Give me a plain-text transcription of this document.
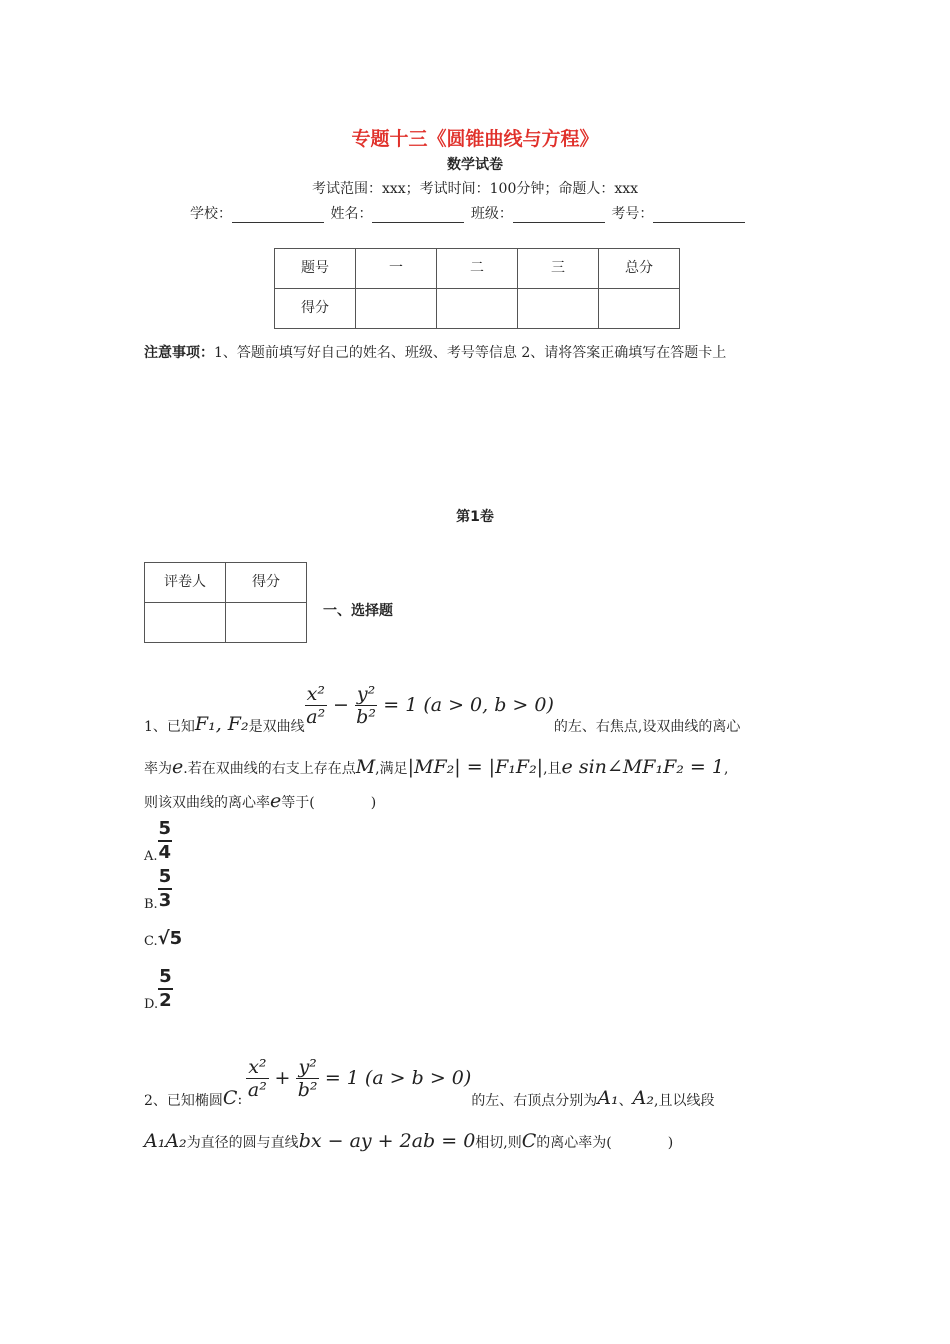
专题十三《圆锥曲线与方程》
数学试卷
考试范围：xxx；考试时间：100分钟；命题人：xxx
学校：	姓名：	班级：	考号：
题号	一	二	三	总分
得分				
注意事项：1、答题前填写好自己的姓名、班级、考号等信息 2、请将答案正确填写在答题卡上
第1卷
评卷人	得分

一、选择题
1、已知 F₁, F₂ 是双曲线 $\frac{\text{x²}}{\text{a²}} - \frac{\text{y²}}{\text{b²}} = 1$ (a > 0, b > 0)
的左、右焦点,设双曲线的离心
率为 e .若在双曲线的右支上存在点 M ,满足 |MF₂| = |F₁F₂| ,且 e sin∠MF₁F₂ = 1 ,
则该双曲线的离心率 e 等于(　　　　)
A. $\frac{5}{4}$
B. $\frac{5}{3}$
C. √5
D. $\frac{5}{2}$
2、已知椭圆 C : $\frac{\text{x²}}{\text{a²}} + \frac{\text{y²}}{\text{b²}} = 1$ (a > b > 0)
的左、右顶点分别为 A₁ 、 A₂ ,且以线段
A₁A₂ 为直径的圆与直线 bx − ay + 2ab = 0 相切,则 C 的离心率为(　　　　)
